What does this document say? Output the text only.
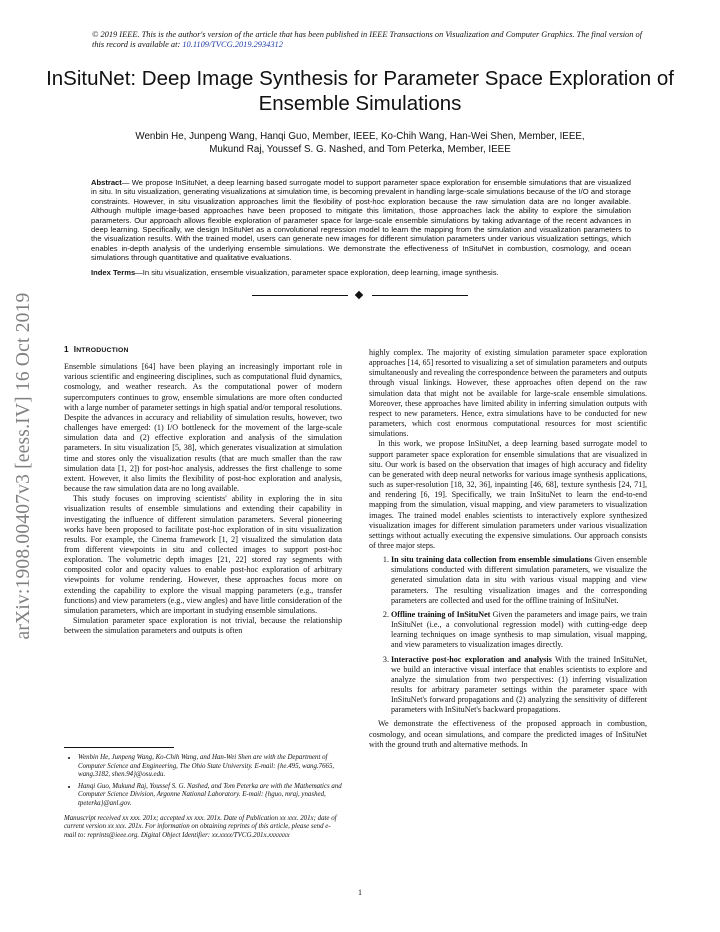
© 2019 IEEE. This is the author's version of the article that has been published in IEEE Transactions on Visualization and Computer Graphics. The final version of this record is available at: 10.1109/TVCG.2019.2934312
InSituNet: Deep Image Synthesis for Parameter Space Exploration of Ensemble Simulations
Wenbin He, Junpeng Wang, Hanqi Guo, Member, IEEE, Ko-Chih Wang, Han-Wei Shen, Member, IEEE,
Mukund Raj, Youssef S. G. Nashed, and Tom Peterka, Member, IEEE
Abstract— We propose InSituNet, a deep learning based surrogate model to support parameter space exploration for ensemble simulations that are visualized in situ. In situ visualization, generating visualizations at simulation time, is becoming prevalent in handling large-scale simulations because of the I/O and storage constraints. However, in situ visualization approaches limit the flexibility of post-hoc exploration because the raw simulation data are no longer available. Although multiple image-based approaches have been proposed to mitigate this limitation, those approaches lack the ability to explore the simulation parameters. Our approach allows flexible exploration of parameter space for large-scale ensemble simulations by taking advantage of the recent advances in deep learning. Specifically, we design InSituNet as a convolutional regression model to learn the mapping from the simulation and visualization parameters to the visualization results. With the trained model, users can generate new images for different simulation parameters under various visualization settings, which enables in-depth analysis of the underlying ensemble simulations. We demonstrate the effectiveness of InSituNet in combustion, cosmology, and ocean simulations through quantitative and qualitative evaluations.
Index Terms—In situ visualization, ensemble visualization, parameter space exploration, deep learning, image synthesis.
arXiv:1908.00407v3 [eess.IV] 16 Oct 2019	1 INTRODUCTION

Ensemble simulations [64] have been playing an increasingly important role in various scientific and engineering disciplines, such as computational fluid dynamics, cosmology, and weather research. As the computational power of modern supercomputers continues to grow, ensemble simulations are more often conducted with a large number of parameter settings in high spatial and/or temporal resolutions. Despite the advances in accuracy and reliability of simulation results, however, two challenges have emerged: (1) I/O bottleneck for the movement of the large-scale simulation data and (2) effective exploration and analysis of the simulation parameters. In situ visualization [5, 38], which generates visualization at simulation time and stores only the visualization results (that are much smaller than the raw simulation data [1, 2]) for post-hoc analysis, addresses the first challenge to some extent. However, it also limits the flexibility of post-hoc exploration and analysis, because the raw simulation data are no long available.

This study focuses on improving scientists' ability in exploring the in situ visualization results of ensemble simulations and extending their capability in investigating the influence of different simulation parameters. Several pioneering works have been proposed to facilitate post-hoc exploration of in situ visualization results. For example, the Cinema framework [1, 2] visualized the simulation data from different viewpoints in situ and collected images to support post-hoc exploration. The volumetric depth images [21, 22] stored ray segments with composited color and opacity values to enable post-hoc exploration of arbitrary viewpoints for volume rendering. However, these approaches focus more on extending the capability to explore the visual mapping parameters (e.g., transfer functions) and view parameters (e.g., view angles) and have little consideration of the simulation parameters, which are important in studying ensemble simulations.

Simulation parameter space exploration is not trivial, because the relationship between the simulation parameters and outputs is often

highly complex. The majority of existing simulation parameter space exploration approaches [14, 65] resorted to visualizing a set of simulation parameters and outputs simultaneously and revealing the correspondence between the parameters and outputs through visual linkings. However, these approaches often depend on the raw simulation data that might not be available for large-scale ensemble simulations. Moreover, these approaches have limited ability in inferring simulation outputs with respect to new parameters. Hence, extra simulations have to be conducted for new parameters, which cost enormous computational resources for most scientific simulations.

In this work, we propose InSituNet, a deep learning based surrogate model to support parameter space exploration for ensemble simulations that are visualized in situ. Our work is based on the observation that images of high accuracy and fidelity can be generated with deep neural networks for various image synthesis applications, such as super-resolution [18, 32, 36], inpainting [46, 68], texture synthesis [24, 71], and rendering [6, 19]. Specifically, we train InSituNet to learn the end-to-end mapping from the simulation, visual mapping, and view parameters to visualization images. The trained model enables scientists to interactively explore synthesized visualization images for different simulation parameters under various visualization settings without actually executing the expensive simulations. Our approach consists of three major steps.

1. In situ training data collection from ensemble simulations Given ensemble simulations conducted with different simulation parameters, we visualize the generated simulation data in situ with various visual mapping and view parameters. The resulting visualization images and the corresponding parameters are collected and used for the offline training of InSituNet.
2. Offline training of InSituNet Given the parameters and image pairs, we train InSituNet (i.e., a convolutional regression model) with cutting-edge deep learning techniques on image synthesis to map simulation, visual mapping, and view parameters to visualization images directly.
3. Interactive post-hoc exploration and analysis With the trained InSituNet, we build an interactive visual interface that enables scientists to explore and analyze the simulation from two perspectives: (1) inferring visualization results for arbitrary parameter settings within the parameter space with InSituNet's forward propagations and (2) analyzing the sensitivity of different parameters with InSituNet's backward propagations.

We demonstrate the effectiveness of the proposed approach in combustion, cosmology, and ocean simulations, and compare the predicted images of InSituNet with the ground truth and alternative methods. In

• Wenbin He, Junpeng Wang, Ko-Chih Wang, and Han-Wei Shen are with the Department of Computer Science and Engineering, The Ohio State University. E-mail: {he.495, wang.7665, wang.3182, shen.94}@osu.edu.
• Hanqi Guo, Mukund Raj, Youssef S. G. Nashed, and Tom Peterka are with the Mathematics and Computer Science Division, Argonne National Laboratory. E-mail: {hguo, mraj, ynashed, tpeterka}@anl.gov.
Manuscript received xx xxx. 201x; accepted xx xxx. 201x. Date of Publication xx xxx. 201x; date of current version xx xxx. 201x. For information on obtaining reprints of this article, please send e-mail to: reprints@ieee.org. Digital Object Identifier: xx.xxxx/TVCG.201x.xxxxxxx
1
